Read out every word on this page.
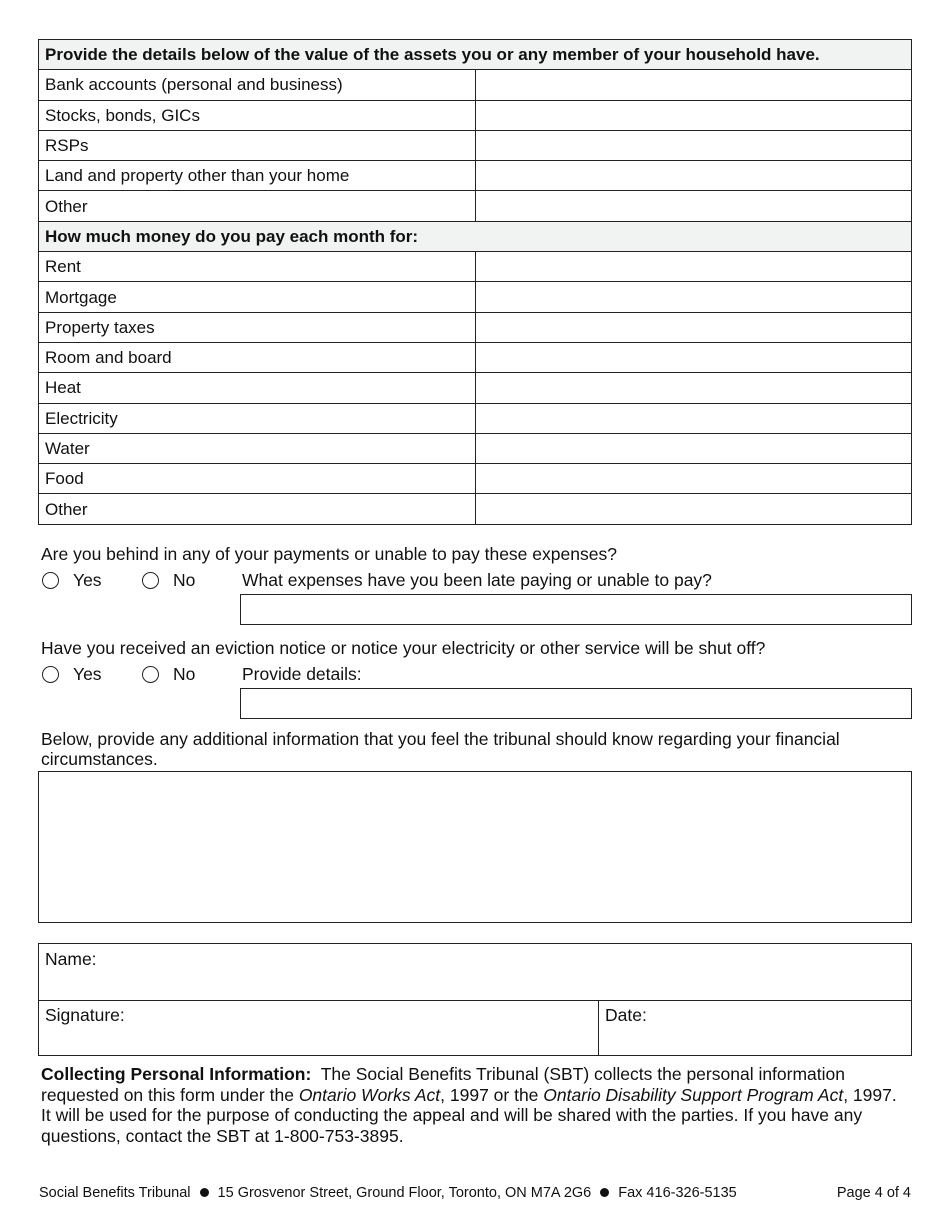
Provide the details below of the value of the assets you or any member of your household have.	
Bank accounts (personal and business)	
Stocks, bonds, GICs	
RSPs	
Land and property other than your home	
Other	
How much money do you pay each month for:	
Rent	
Mortgage	
Property taxes	
Room and board	
Heat	
Electricity	
Water	
Food	
Other	
Are you behind in any of your payments or unable to pay these expenses?
Yes	No	What expenses have you been late paying or unable to pay?
Have you received an eviction notice or notice your electricity or other service will be shut off?
Yes	No	Provide details:
Below, provide any additional information that you feel the tribunal should know regarding your financial circumstances.
Name:
Signature:	Date:
Collecting Personal Information: The Social Benefits Tribunal (SBT) collects the personal information requested on this form under the Ontario Works Act, 1997 or the Ontario Disability Support Program Act, 1997. It will be used for the purpose of conducting the appeal and will be shared with the parties. If you have any questions, contact the SBT at 1-800-753-3895.
Social Benefits Tribunal 15 Grosvenor Street, Ground Floor, Toronto, ON M7A 2G6 Fax 416-326-5135	Page 4 of 4
